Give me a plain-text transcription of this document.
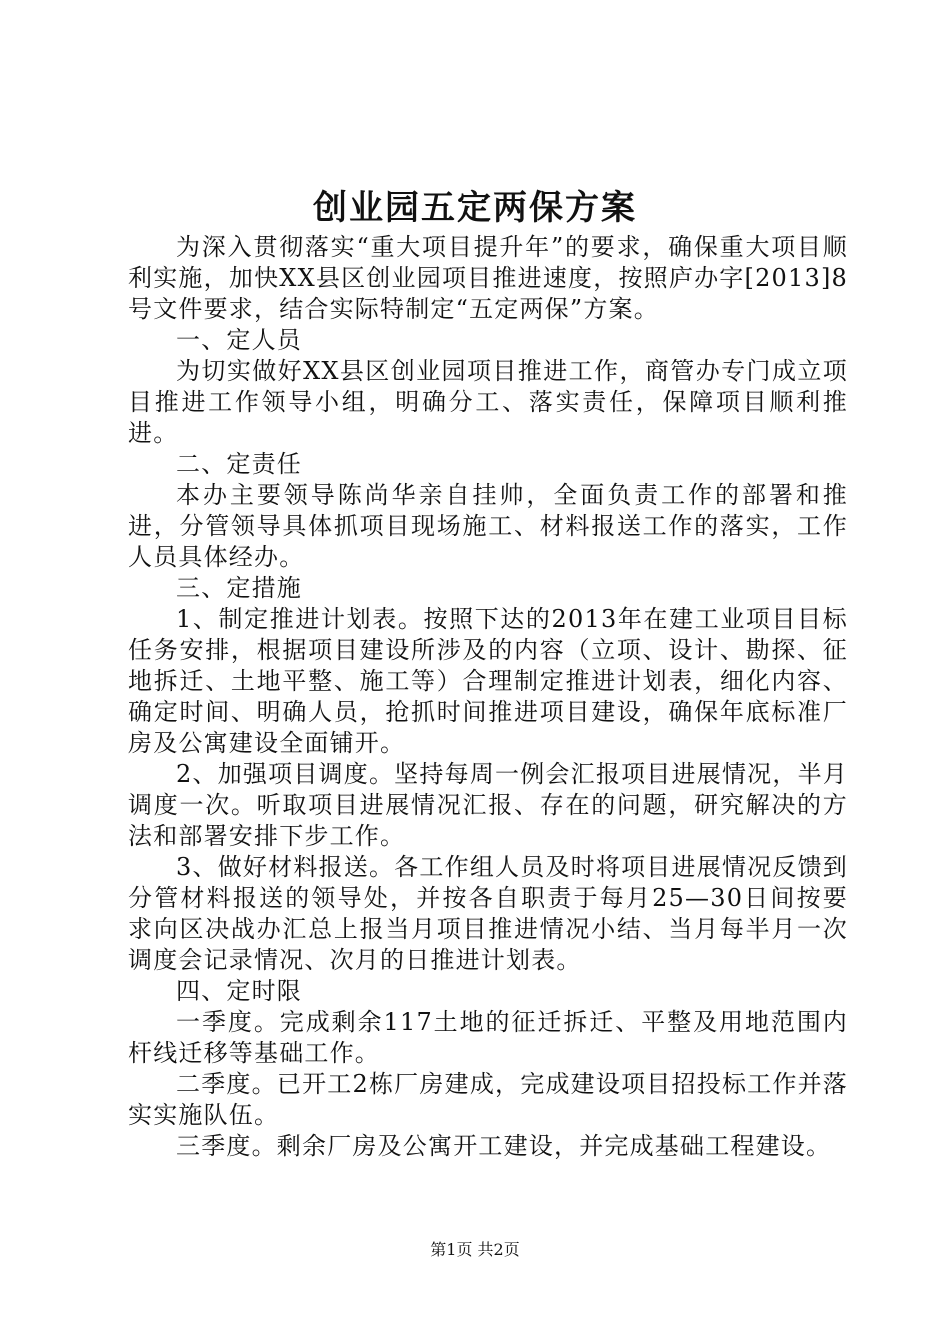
创业园五定两保方案

为深入贯彻落实“重大项目提升年”的要求，确保重大项目顺利实施，加快XX县区创业园项目推进速度，按照庐办字[2013]8号文件要求，结合实际特制定“五定两保”方案。

一、定人员

为切实做好XX县区创业园项目推进工作，商管办专门成立项目推进工作领导小组，明确分工、落实责任，保障项目顺利推进。

二、定责任

本办主要领导陈尚华亲自挂帅，全面负责工作的部署和推进，分管领导具体抓项目现场施工、材料报送工作的落实，工作人员具体经办。

三、定措施

1、制定推进计划表。按照下达的2013年在建工业项目目标任务安排，根据项目建设所涉及的内容（立项、设计、勘探、征地拆迁、土地平整、施工等）合理制定推进计划表，细化内容、确定时间、明确人员，抢抓时间推进项目建设，确保年底标准厂房及公寓建设全面铺开。

2、加强项目调度。坚持每周一例会汇报项目进展情况，半月调度一次。听取项目进展情况汇报、存在的问题，研究解决的方法和部署安排下步工作。

3、做好材料报送。各工作组人员及时将项目进展情况反馈到分管材料报送的领导处，并按各自职责于每月25—30日间按要求向区决战办汇总上报当月项目推进情况小结、当月每半月一次调度会记录情况、次月的日推进计划表。

四、定时限

一季度。完成剩余117土地的征迁拆迁、平整及用地范围内杆线迁移等基础工作。

二季度。已开工2栋厂房建成，完成建设项目招投标工作并落实实施队伍。

三季度。剩余厂房及公寓开工建设，并完成基础工程建设。

第1页 共2页
